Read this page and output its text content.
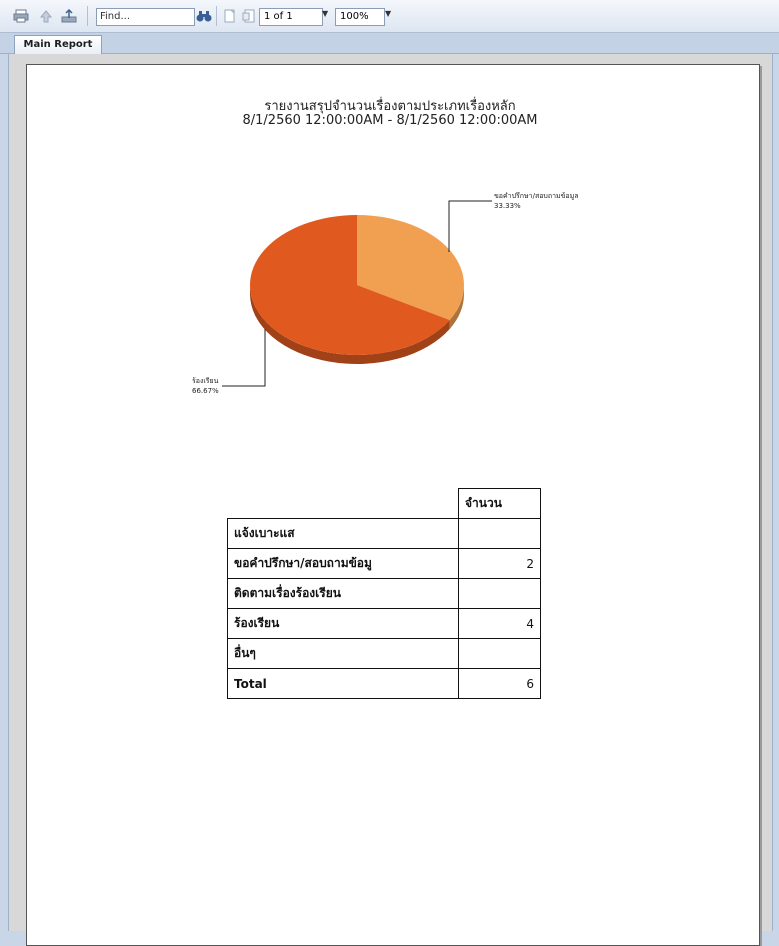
Find...	1 of 1	▼	100%	▼
Main Report
รายงานสรุปจำนวนเรื่องตามประเภทเรื่องหลัก
8/1/2560 12:00:00AM - 8/1/2560 12:00:00AM
ขอคำปรึกษา/สอบถามข้อมูล
33.33%
ร้องเรียน
66.67%
	จำนวน
แจ้งเบาะแส	
ขอคำปรึกษา/สอบถามข้อมู	2
ติดตามเรื่องร้องเรียน	
ร้องเรียน	4
อื่นๆ	
Total	6
